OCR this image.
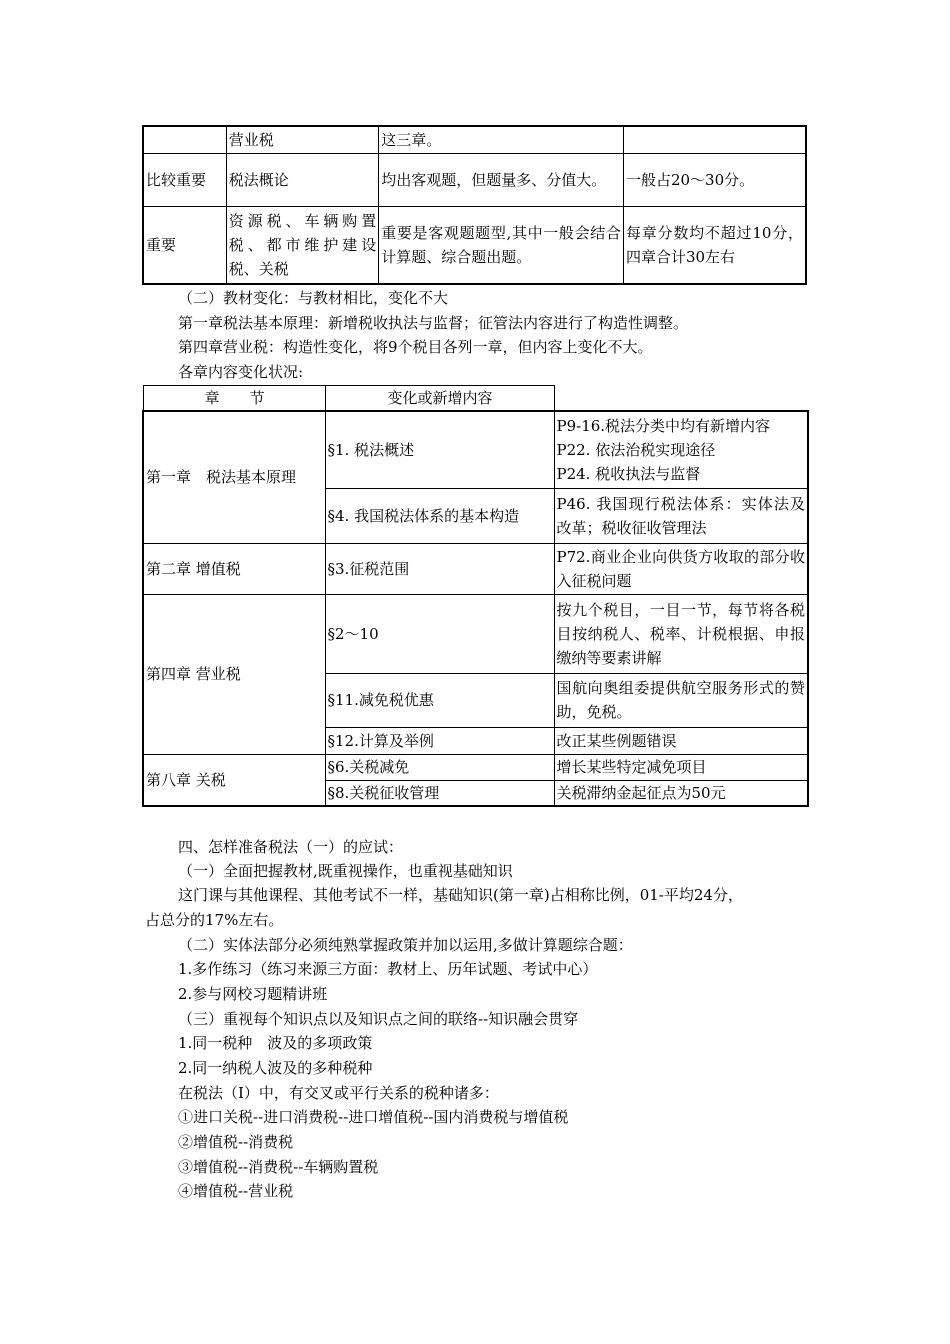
	营业税	这三章。	
比较重要	税法概论	均出客观题，但题量多、分值大。	一般占20～30分。
重要	资源税、车辆购置税、都市维护建设税、关税	重要是客观题题型,其中一般会结合计算题、综合题出题。	每章分数均不超过10分，四章合计30左右
（二）教材变化：与教材相比，变化不大
第一章税法基本原理：新增税收执法与监督；征管法内容进行了构造性调整。
第四章营业税：构造性变化，将9个税目各列一章，但内容上变化不大。
各章内容变化状况:
章　　节	变化或新增内容
第一章　税法基本原理	§1. 税法概述	P9-16.税法分类中均有新增内容
P22. 依法治税实现途径
P24. 税收执法与监督
	§4. 我国税法体系的基本构造	P46. 我国现行税法体系：实体法及改革；税收征收管理法
第二章 增值税	§3.征税范围	P72.商业企业向供货方收取的部分收入征税问题
第四章 营业税	§2～10	按九个税目，一目一节，每节将各税目按纳税人、税率、计税根据、申报缴纳等要素讲解
	§11.减免税优惠	国航向奥组委提供航空服务形式的赞助，免税。
	§12.计算及举例	改正某些例题错误
第八章 关税	§6.关税减免	增长某些特定减免项目
	§8.关税征收管理	关税滞纳金起征点为50元
四、怎样准备税法（一）的应试：
（一）全面把握教材,既重视操作，也重视基础知识
这门课与其他课程、其他考试不一样，基础知识(第一章)占相称比例，01-平均24分，
占总分的17%左右。
（二）实体法部分必须纯熟掌握政策并加以运用,多做计算题综合题：
1.多作练习（练习来源三方面：教材上、历年试题、考试中心）
2.参与网校习题精讲班
（三）重视每个知识点以及知识点之间的联络--知识融会贯穿
1.同一税种　波及的多项政策
2.同一纳税人波及的多种税种
在税法（Ⅰ）中，有交叉或平行关系的税种诸多：
①进口关税--进口消费税--进口增值税--国内消费税与增值税
②增值税--消费税
③增值税--消费税--车辆购置税
④增值税--营业税
